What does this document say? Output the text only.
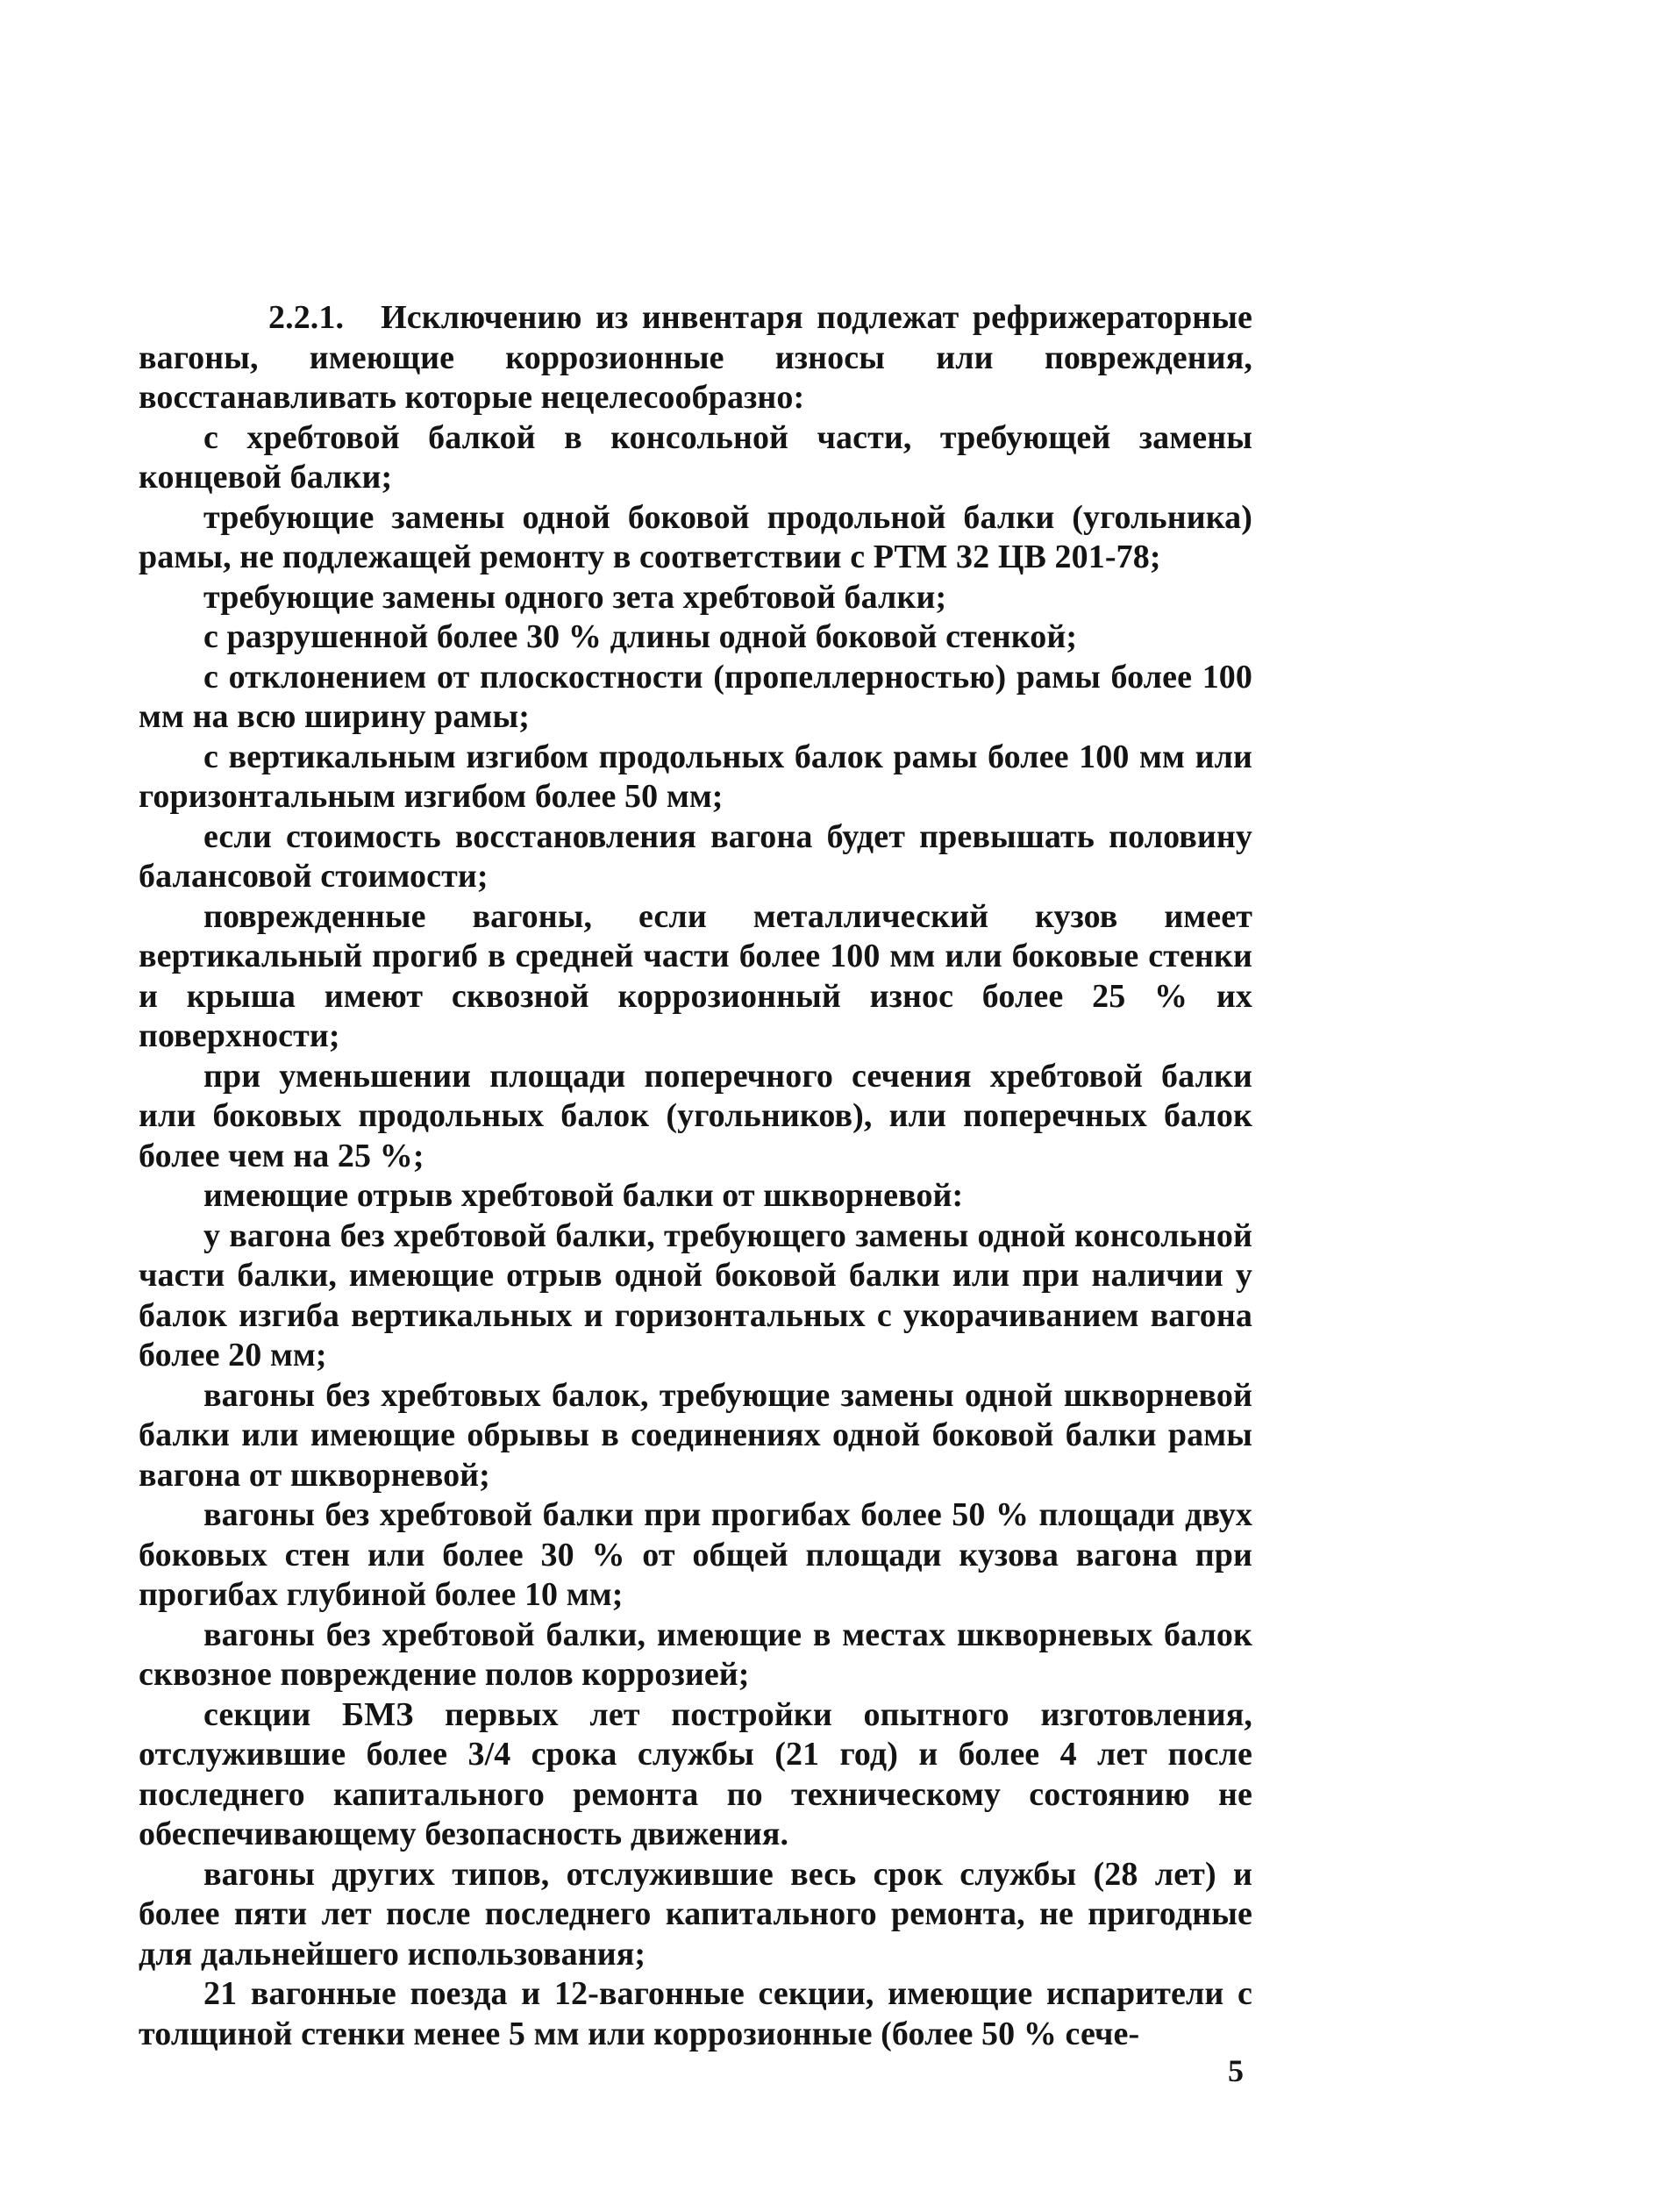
2.2.1. Исключению из инвентаря подлежат рефрижераторные вагоны, имеющие коррозионные износы или повреждения, восстанавливать которые нецелесообразно:

с хребтовой балкой в консольной части, требующей замены концевой балки;

требующие замены одной боковой продольной балки (угольника) рамы, не подлежащей ремонту в соответствии с РТМ 32 ЦВ 201-78;

требующие замены одного зета хребтовой балки;

с разрушенной более 30 % длины одной боковой стенкой;

с отклонением от плоскостности (пропеллерностью) рамы более 100 мм на всю ширину рамы;

с вертикальным изгибом продольных балок рамы более 100 мм или горизонтальным изгибом более 50 мм;

если стоимость восстановления вагона будет превышать половину балансовой стоимости;

поврежденные вагоны, если металлический кузов имеет вертикальный прогиб в средней части более 100 мм или боковые стенки и крыша имеют сквозной коррозионный износ более 25 % их поверхности;

при уменьшении площади поперечного сечения хребтовой балки или боковых продольных балок (угольников), или поперечных балок более чем на 25 %;

имеющие отрыв хребтовой балки от шкворневой:

у вагона без хребтовой балки, требующего замены одной консольной части балки, имеющие отрыв одной боковой балки или при наличии у балок изгиба вертикальных и горизонтальных с укорачиванием вагона более 20 мм;

вагоны без хребтовых балок, требующие замены одной шкворневой балки или имеющие обрывы в соединениях одной боковой балки рамы вагона от шкворневой;

вагоны без хребтовой балки при прогибах более 50 % площади двух боковых стен или более 30 % от общей площади кузова вагона при прогибах глубиной более 10 мм;

вагоны без хребтовой балки, имеющие в местах шкворневых балок сквозное повреждение полов коррозией;

секции БМЗ первых лет постройки опытного изготовления, отслужившие более 3/4 срока службы (21 год) и более 4 лет после последнего капитального ремонта по техническому состоянию не обеспечивающему безопасность движения.

вагоны других типов, отслужившие весь срок службы (28 лет) и более пяти лет после последнего капитального ремонта, не пригодные для дальнейшего использования;

21 вагонные поезда и 12-вагонные секции, имеющие испарители с толщиной стенки менее 5 мм или коррозионные (более 50 % сече-

5
